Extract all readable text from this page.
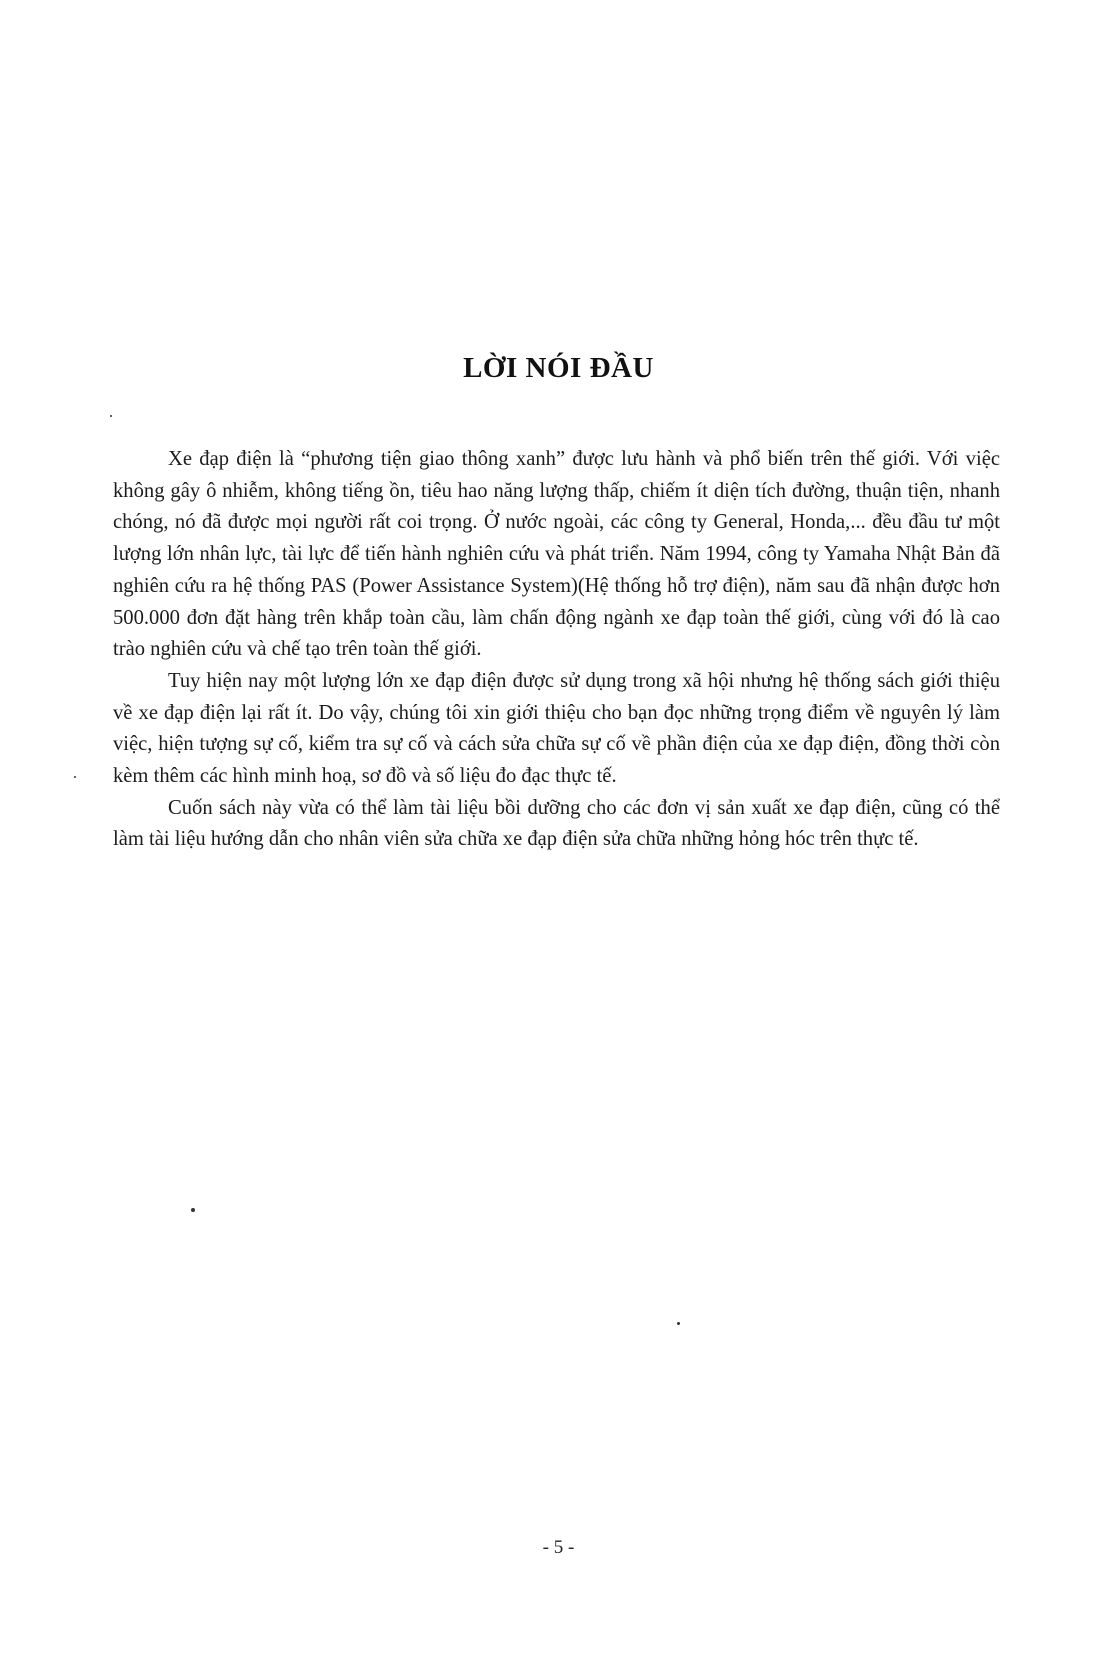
LỜI NÓI ĐẦU

Xe đạp điện là “phương tiện giao thông xanh” được lưu hành và phổ biến trên thế giới. Với việc không gây ô nhiễm, không tiếng ồn, tiêu hao năng lượng thấp, chiếm ít diện tích đường, thuận tiện, nhanh chóng, nó đã được mọi người rất coi trọng. Ở nước ngoài, các công ty General, Honda,... đều đầu tư một lượng lớn nhân lực, tài lực để tiến hành nghiên cứu và phát triển. Năm 1994, công ty Yamaha Nhật Bản đã nghiên cứu ra hệ thống PAS (Power Assistance System)(Hệ thống hỗ trợ điện), năm sau đã nhận được hơn 500.000 đơn đặt hàng trên khắp toàn cầu, làm chấn động ngành xe đạp toàn thế giới, cùng với đó là cao trào nghiên cứu và chế tạo trên toàn thế giới.

Tuy hiện nay một lượng lớn xe đạp điện được sử dụng trong xã hội nhưng hệ thống sách giới thiệu về xe đạp điện lại rất ít. Do vậy, chúng tôi xin giới thiệu cho bạn đọc những trọng điểm về nguyên lý làm việc, hiện tượng sự cố, kiểm tra sự cố và cách sửa chữa sự cố về phần điện của xe đạp điện, đồng thời còn kèm thêm các hình minh hoạ, sơ đồ và số liệu đo đạc thực tế.

Cuốn sách này vừa có thể làm tài liệu bồi dưỡng cho các đơn vị sản xuất xe đạp điện, cũng có thể làm tài liệu hướng dẫn cho nhân viên sửa chữa xe đạp điện sửa chữa những hỏng hóc trên thực tế.

- 5 -
